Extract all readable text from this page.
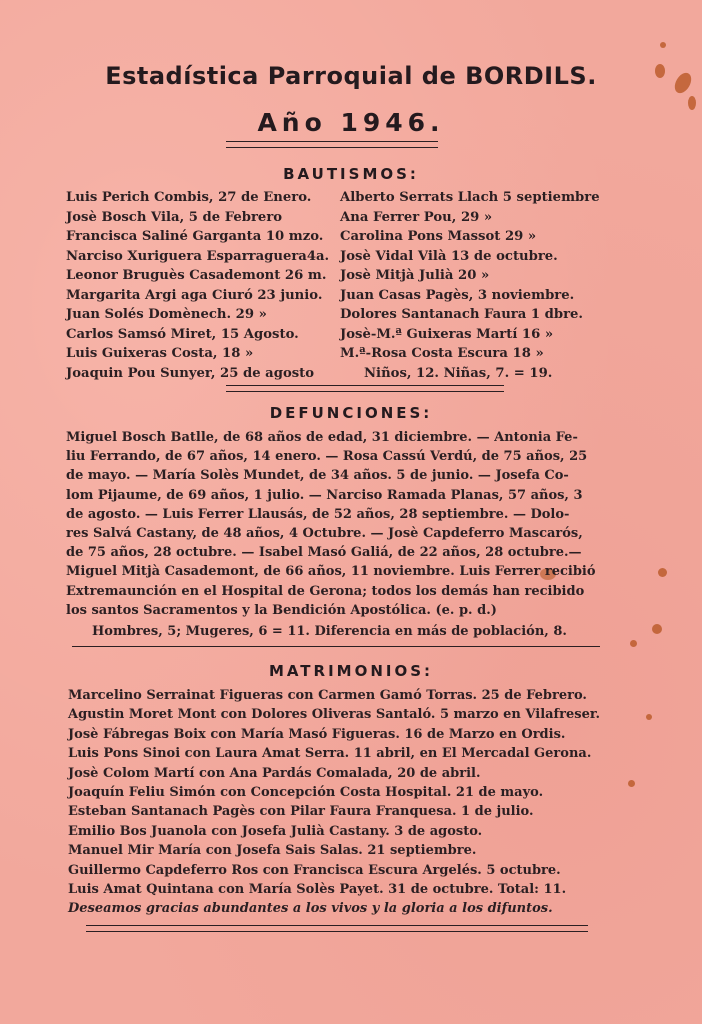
Estadística Parroquial de BORDILS.
Año 1946.
BAUTISMOS:
Luis Perich Combis, 27 de Enero.
Josè Bosch Vila, 5 de Febrero
Francisca Saliné Garganta 10 mzo.
Narciso Xuriguera Esparraguera4a.
Leonor Bruguès Casademont 26 m.
Margarita Argi aga Ciuró 23 junio.
Juan Solés Domènech. 29 »
Carlos Samsó Miret, 15 Agosto.
Luis Guixeras Costa, 18 »
Joaquin Pou Sunyer, 25 de agosto
Alberto Serrats Llach 5 septiembre
Ana Ferrer Pou, 29 »
Carolina Pons Massot 29 »
Josè Vidal Vilà 13 de octubre.
Josè Mitjà Julià 20 »
Juan Casas Pagès, 3 noviembre.
Dolores Santanach Faura 1 dbre.
Josè-M.ª Guixeras Martí 16 »
M.ª-Rosa Costa Escura 18 »
Niños, 12. Niñas, 7. = 19.
DEFUNCIONES:
Miguel Bosch Batlle, de 68 años de edad, 31 diciembre. — Antonia Fe-
liu Ferrando, de 67 años, 14 enero. — Rosa Cassú Verdú, de 75 años, 25
de mayo. — María Solès Mundet, de 34 años. 5 de junio. — Josefa Co-
lom Pijaume, de 69 años, 1 julio. — Narciso Ramada Planas, 57 años, 3
de agosto. — Luis Ferrer Llausás, de 52 años, 28 septiembre. — Dolo-
res Salvá Castany, de 48 años, 4 Octubre. — Josè Capdeferro Mascarós,
de 75 años, 28 octubre. — Isabel Masó Galiá, de 22 años, 28 octubre.—
Miguel Mitjà Casademont, de 66 años, 11 noviembre. Luis Ferrer recibió
Extremaunción en el Hospital de Gerona; todos los demás han recibido
los santos Sacramentos y la Bendición Apostólica. (e. p. d.)
Hombres, 5; Mugeres, 6 = 11. Diferencia en más de población, 8.
MATRIMONIOS:
Marcelino Serrainat Figueras con Carmen Gamó Torras. 25 de Febrero.
Agustin Moret Mont con Dolores Oliveras Santaló. 5 marzo en Vilafreser.
Josè Fábregas Boix con María Masó Figueras. 16 de Marzo en Ordis.
Luis Pons Sinoi con Laura Amat Serra. 11 abril, en El Mercadal Gerona.
Josè Colom Martí con Ana Pardás Comalada, 20 de abril.
Joaquín Feliu Simón con Concepción Costa Hospital. 21 de mayo.
Esteban Santanach Pagès con Pilar Faura Franquesa. 1 de julio.
Emilio Bos Juanola con Josefa Julià Castany. 3 de agosto.
Manuel Mir María con Josefa Sais Salas. 21 septiembre.
Guillermo Capdeferro Ros con Francisca Escura Argelés. 5 octubre.
Luis Amat Quintana con María Solès Payet. 31 de octubre. Total: 11.
Deseamos gracias abundantes a los vivos y la gloria a los difuntos.
